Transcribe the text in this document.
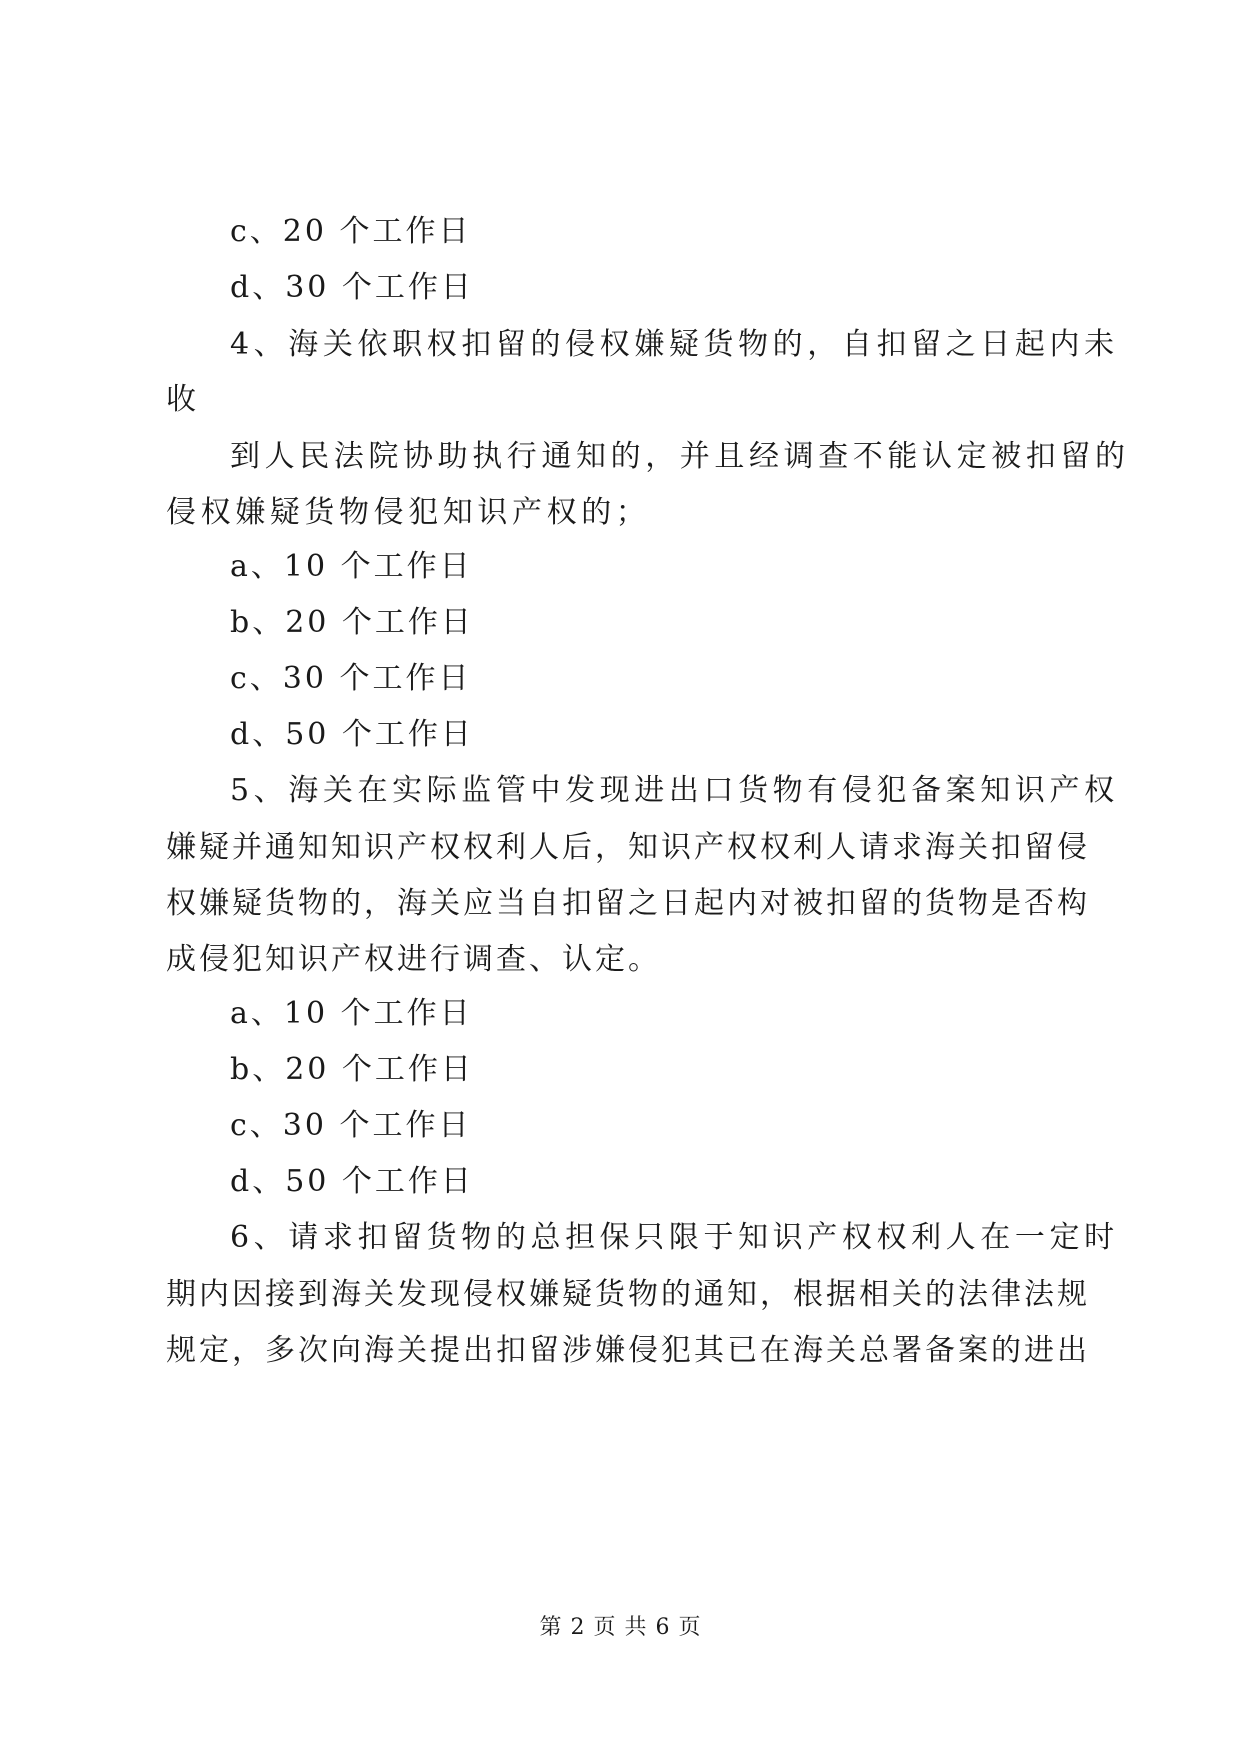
c、20 个工作日
d、30 个工作日
4、海关依职权扣留的侵权嫌疑货物的，自扣留之日起内未
收
到人民法院协助执行通知的，并且经调查不能认定被扣留的
侵权嫌疑货物侵犯知识产权的；
a、10 个工作日
b、20 个工作日
c、30 个工作日
d、50 个工作日
5、海关在实际监管中发现进出口货物有侵犯备案知识产权
嫌疑并通知知识产权权利人后，知识产权权利人请求海关扣留侵
权嫌疑货物的，海关应当自扣留之日起内对被扣留的货物是否构
成侵犯知识产权进行调查、认定。
a、10 个工作日
b、20 个工作日
c、30 个工作日
d、50 个工作日
6、请求扣留货物的总担保只限于知识产权权利人在一定时
期内因接到海关发现侵权嫌疑货物的通知，根据相关的法律法规
规定，多次向海关提出扣留涉嫌侵犯其已在海关总署备案的进出
第 2 页 共 6 页
